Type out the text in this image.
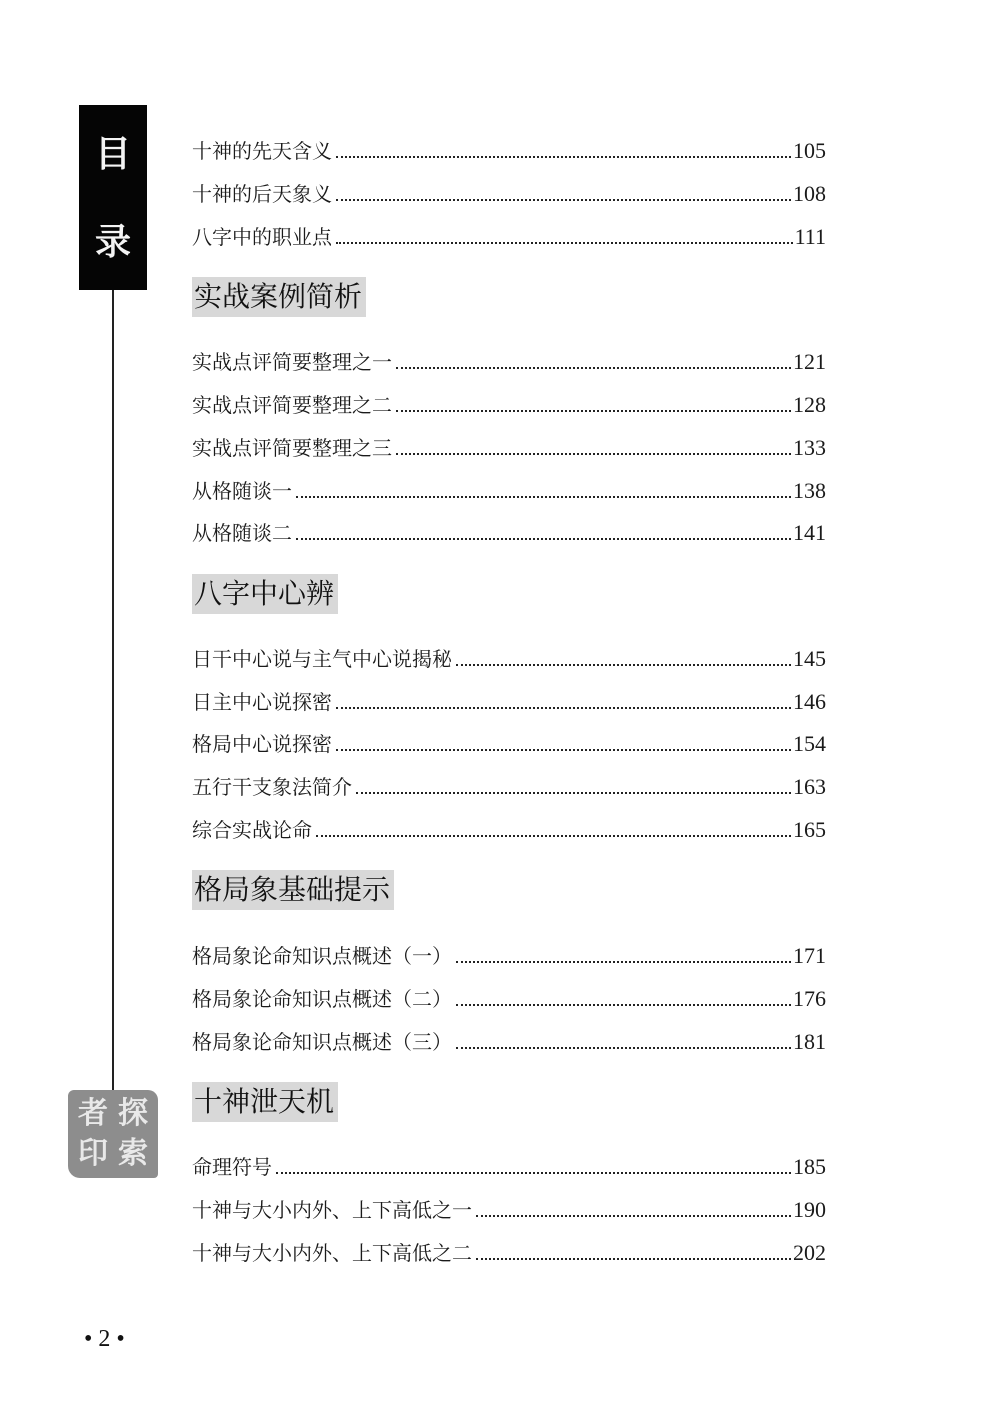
目
录
探
索
者
印
十神的先天含义	105
十神的后天象义	108
八字中的职业点	111
实战案例简析
实战点评简要整理之一	121
实战点评简要整理之二	128
实战点评简要整理之三	133
从格随谈一	138
从格随谈二	141
八字中心辨
日干中心说与主气中心说揭秘	145
日主中心说探密	146
格局中心说探密	154
五行干支象法简介	163
综合实战论命	165
格局象基础提示
格局象论命知识点概述（一）	171
格局象论命知识点概述（二）	176
格局象论命知识点概述（三）	181
十神泄天机
命理符号	185
十神与大小内外、上下高低之一	190
十神与大小内外、上下高低之二	202
• 2 •
